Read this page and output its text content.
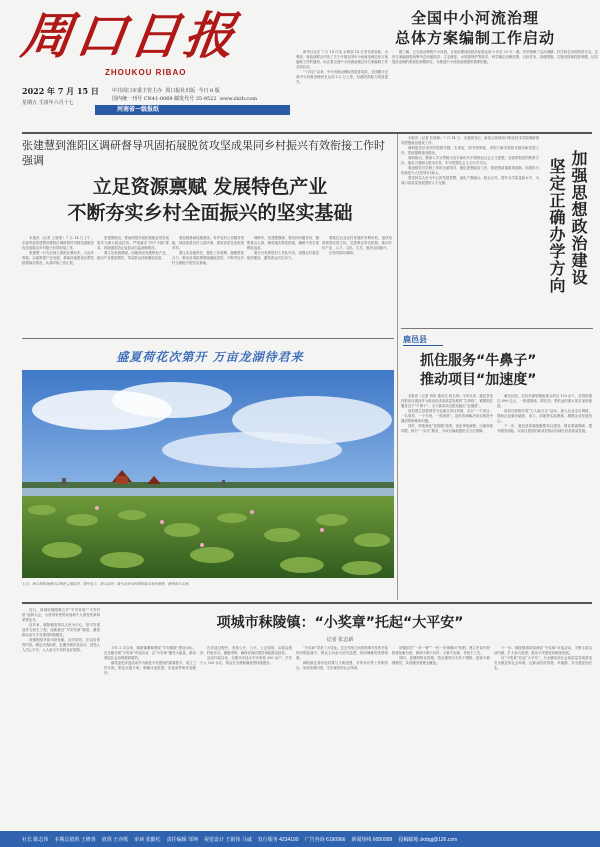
周口日报
ZHOUKOU RIBAO
2022 年 7 月 15 日
星期五 壬寅年六月十七
中共周口市委主管主办 周口报社出版 今日 8 版
国内统一刊号 CN41-0069 邮发代号 35-9522 www.zkrb.com
河南省一级报纸

新华社北京 7 月 14 日电 水利部 14 日发布消息称，水利部、财政部联合印发了关于开展全国中小河流治理总体方案编制工作的通知，标志着全国中小河流治理总体方案编制工作全面启动。

“十四五”以来，中小河流治理取得显著成效，全国累计完成中小河流治理河长达到 1.2 万公里，河流防洪能力明显提升。

据了解，已完成治理的中小河流，目前治理河段防洪标准达到 5 年至 20 年一遇，有效保障了沿河城镇、村庄和农田的防洪安全。总体方案编制将统筹考虑河流防洪、生态修复、水资源保护等需求，科学确定治理范围、目标任务、治理措施、实施安排和投资规模，切实提高治理的系统性和整体性，为推进中小河流治理提供重要依据。

全国中小河流治理
总体方案编制工作启动
张建慧到淮阳区调研督导巩固拓展脱贫攻坚成果同乡村振兴有效衔接工作时强调
立足资源禀赋 发展特色产业
不断夯实乡村全面振兴的坚实基础

本报讯（记者 王晓蒙）7 月 14 日上午，市委常委张建慧到淮阳区调研督导巩固拓展脱贫攻坚成果同乡村振兴有效衔接工作。

张建慧一行先后深入淮阳区曹河乡、大连乡等地，实地察看产业发展、基础设施建设及帮扶政策落实情况，认真听取工作汇报。

张建慧指出，要始终把巩固拓展脱贫攻坚成果作为重大政治任务，严格落实“四个不摘”要求，持续强化防止返贫动态监测和帮扶。

要立足资源禀赋，因地制宜发展特色产业，推动产业提质增效，带动群众持续增收致富。

要加强基础设施建设，补齐农村公共服务短板，持续改善农村人居环境，建设宜居宜业和美乡村。

要压实各级责任，强化工作统筹，凝聚帮扶合力，推动各项政策措施落地见效，不断夯实乡村全面振兴的坚实基础。

调研中，张建慧强调，要坚持问题导向，聚焦重点人群，精准落实帮扶措施，确保不发生规模性返贫。

要充分发挥驻村工作队作用，加强农村基层组织建设，激发群众内生动力。

要抓住农业农村发展的有利时机，加快培育新型经营主体，完善联农带农机制，推动乡村产业、人才、文化、生态、组织全面振兴。

区领导陪同调研。

盛夏荷花次第开 万亩龙湖待君来
七月，周口淮阳龙湖万亩荷花竞相绽放，碧叶连天，游人如织，吸引众多市民游客前来观光赏荷，感受夏日美景。

本报讯（记者 杜林林）7 月 14 日，市委副书记、政协主席到周口职业技术学院调研指导思想政治建设工作。

调研组先后来到学院教学楼、实训室、图书馆等地，详细了解学校基本情况和党建工作、思政课程建设情况。

调研指出，要深入学习贯彻习近平新时代中国特色社会主义思想，全面贯彻党的教育方针，落实立德树人根本任务，牢牢把握社会主义办学方向。

要加强党对学校工作的全面领导，强化思想政治工作，推进思政课改革创新，培养担当民族复兴大任的时代新人。

要坚持以人民为中心的发展思想，深化产教融合、校企合作，提升办学质量和水平，为周口高质量发展提供人才支撑。	加强思想政治建设
坚定正确办学方向
鹿邑县
抓住服务“牛鼻子”
推动项目“加速度”

本报讯（记者 刘伟 通讯员 杨卫涛）今年以来，鹿邑县坚持把项目建设作为推动经济高质量发展的“生命线”，紧紧抓住服务这个“牛鼻子”，全力推动项目建设跑出“加速度”。

该县建立县级领导分包重点项目机制，实行“一个项目、一名领导、一个专班、一抓到底”，及时协调解决项目推进中遇到的困难和问题。

同时，持续深化“放管服”改革，优化审批流程，压缩审批时限，推行“一站式”服务，为项目落地提供全方位保障。

截至目前，全县共谋划储备重点项目 120 余个，总投资超过 600 亿元，一批强基础、增后劲、利长远的重大项目加快推进。

该县还积极开展“万人助万企”活动，深入企业走访调研，帮助企业解决融资、用工、用地等实际困难，增强企业发展信心。

下一步，鹿邑县将继续聚焦项目建设，强化要素保障，提升服务效能，以项目建设的新成效推动县域经济高质量发展。

近日，项城市秣陵镇召开“平安家庭”“平安村组”表彰大会，为获得荣誉的家庭和个人颁发奖章和荣誉证书。

近年来，秣陵镇坚持以人民为中心，把平安建设作为民生工程，创新推出“平安奖章”制度，激发群众参与平安建设的积极性。

该镇围绕矛盾纠纷化解、治安防控、法治宣传等内容，制定评选标准，定期开展评选活动，营造人人关心平安、人人参与平安的良好氛围。

项城市秣陵镇：“小奖章”托起“大平安”
记者 张志新

今年 2 月以来，秣陵镇紧紧围绕“平安秣陵”建设目标，在全镇开展“小奖章”评选活动，以“小奖章”激发大能量，推动基层社会治理提质增效。

镇党委把评选活动作为推进平安建设的重要抓手，成立工作专班，制定实施方案，明确评选范围、评选条件和评选程序。

在评选过程中，坚持公开、公平、公正原则，由群众推荐、村组评议、镇级审核，确保评选结果经得起群众检验。

活动开展以来，全镇共评选出平安家庭 300 余户、平安个人 100 余名，群众安全感和满意度持续提升。

“小奖章”带来了大变化。过去邻里之间因琐事引发的矛盾纠纷明显减少，群众主动参与治安巡逻、纠纷调解的热情高涨。

秣陵镇还将评选结果与文明创建、乡风评议等工作相结合，形成崇德向善、守法诚信的社会风尚。

该镇依托“一村一警”“一村一法律顾问”机制，建立矛盾纠纷排查化解台账，做到小事不出村、大事不出镇、矛盾不上交。

同时，加强网格化管理，将全镇划分为若干网格，配备专职网格员，实现服务管理全覆盖。

下一步，秣陵镇将持续深化“小奖章”评选活动，不断丰富活动内涵，扩大参与范围，推动平安建设向纵深发展。

以“小奖章”托起“大平安”，为全镇经济社会高质量发展营造安全稳定的社会环境，让群众的获得感、幸福感、安全感更加充实。

社长 陈志伟 本期总值班 王修善 值班 王亦歌 审读 张勤松 责任编辑 邹坤 视觉设计 王娟伟 马诚 发行服务 4234190 广告咨询 6190966 新闻热线 6050999 投稿邮箱 zkrbgj@126.com
